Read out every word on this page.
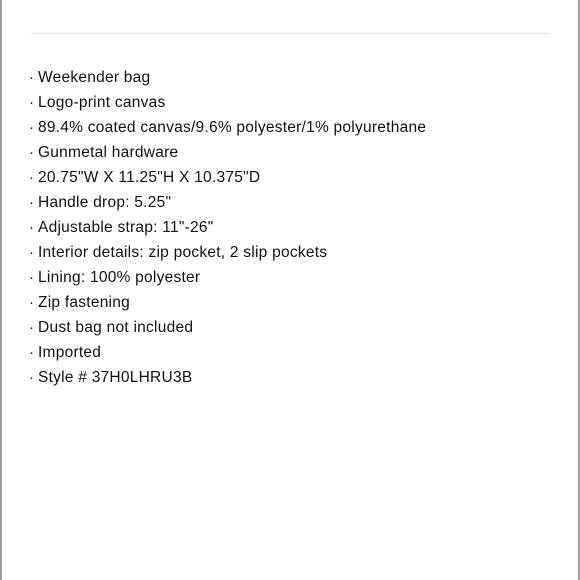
· Weekender bag
· Logo-print canvas
· 89.4% coated canvas/9.6% polyester/1% polyurethane
· Gunmetal hardware
· 20.75"W X 11.25"H X 10.375"D
· Handle drop: 5.25"
· Adjustable strap: 11"-26"
· Interior details: zip pocket, 2 slip pockets
· Lining: 100% polyester
· Zip fastening
· Dust bag not included
· Imported
· Style # 37H0LHRU3B
